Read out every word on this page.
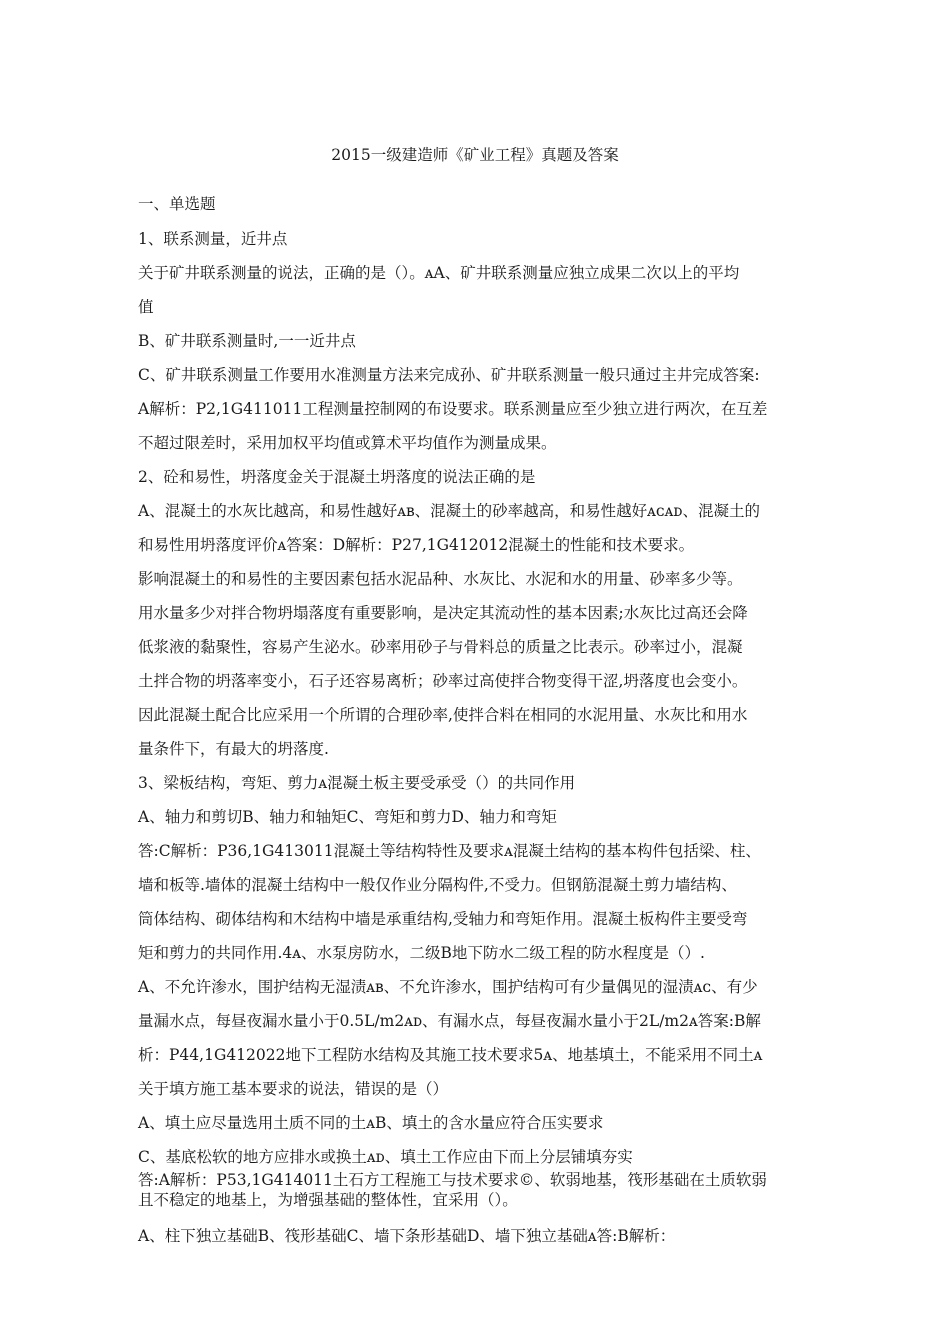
2015一级建造师《矿业工程》真题及答案
一、单选题
1、联系测量，近井点
关于矿井联系测量的说法，正确的是（）。ᴀA、矿井联系测量应独立成果二次以上的平均
值
B、矿井联系测量时,一一近井点
C、矿井联系测量工作要用水准测量方法来完成孙、矿井联系测量一般只通过主井完成答案:
A解析：P2,1G411011工程测量控制网的布设要求。联系测量应至少独立进行两次，在互差
不超过限差时，采用加权平均值或算术平均值作为测量成果。
2、砼和易性，坍落度金关于混凝土坍落度的说法正确的是
A、混凝土的水灰比越高，和易性越好ᴀʙ、混凝土的砂率越高，和易性越好ᴀᴄᴀᴅ、混凝土的
和易性用坍落度评价ᴀ答案：D解析：P27,1G412012混凝土的性能和技术要求。
影响混凝土的和易性的主要因素包括水泥品种、水灰比、水泥和水的用量、砂率多少等。
用水量多少对拌合物坍塌落度有重要影响，是决定其流动性的基本因素;水灰比过高还会降
低浆液的黏聚性，容易产生泌水。砂率用砂子与骨料总的质量之比表示。砂率过小，混凝
土拌合物的坍落率变小，石子还容易离析；砂率过高使拌合物变得干涩,坍落度也会变小。
因此混凝土配合比应采用一个所谓的合理砂率,使拌合料在相同的水泥用量、水灰比和用水
量条件下，有最大的坍落度.
3、梁板结构，弯矩、剪力ᴀ混凝土板主要受承受（）的共同作用
A、轴力和剪切B、轴力和轴矩C、弯矩和剪力D、轴力和弯矩
答:C解析：P36,1G413011混凝土等结构特性及要求ᴀ混凝土结构的基本构件包括梁、柱、
墙和板等.墙体的混凝土结构中一般仅作业分隔构件,不受力。但钢筋混凝土剪力墙结构、
筒体结构、砌体结构和木结构中墙是承重结构,受轴力和弯矩作用。混凝土板构件主要受弯
矩和剪力的共同作用.4ᴀ、水泵房防水，二级B地下防水二级工程的防水程度是（）.
A、不允许渗水，围护结构无湿渍ᴀʙ、不允许渗水，围护结构可有少量偶见的湿渍ᴀᴄ、有少
量漏水点，每昼夜漏水量小于0.5L/m2ᴀᴅ、有漏水点，每昼夜漏水量小于2L/m2ᴀ答案:B解
析：P44,1G412022地下工程防水结构及其施工技术要求5ᴀ、地基填土，不能采用不同土ᴀ
关于填方施工基本要求的说法，错误的是（）
A、填土应尽量选用土质不同的土ᴀB、填土的含水量应符合压实要求
C、基底松软的地方应排水或换土ᴀᴅ、填土工作应由下而上分层铺填夯实
答:A解析：P53,1G414011土石方工程施工与技术要求©、软弱地基，筏形基础在土质软弱
且不稳定的地基上，为增强基础的整体性，宜采用（）。
A、柱下独立基础B、筏形基础C、墙下条形基础D、墙下独立基础ᴀ答:B解析：
